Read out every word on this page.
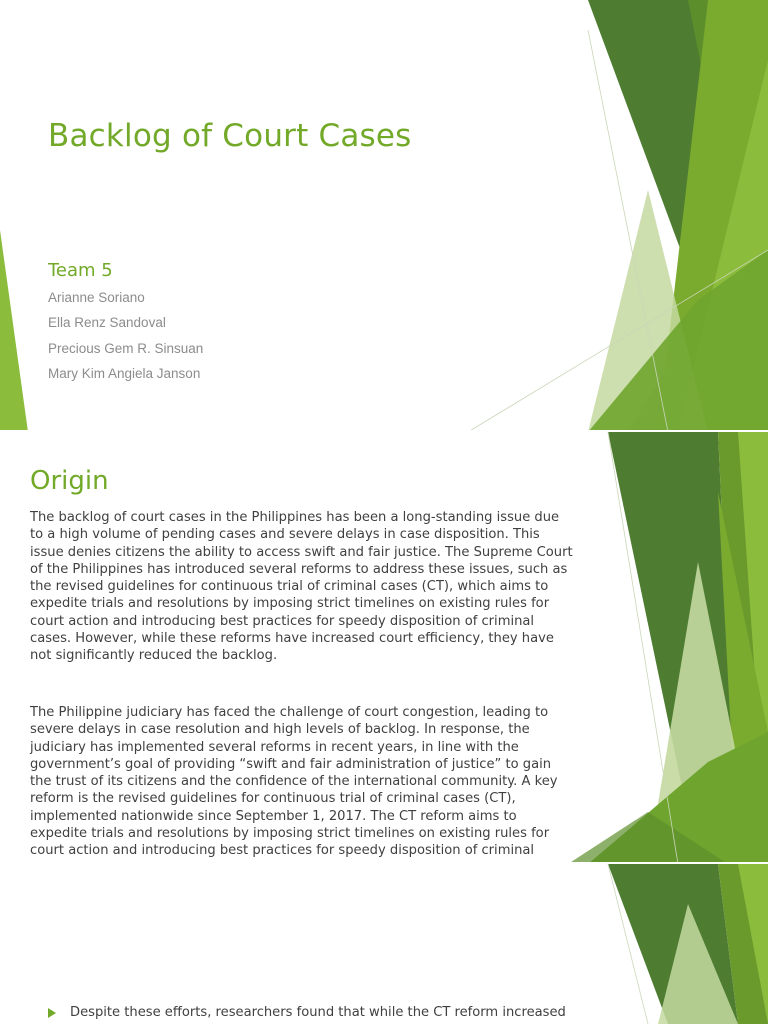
Backlog of Court Cases
Team 5
Arianne Soriano
Ella Renz Sandoval
Precious Gem R. Sinsuan
Mary Kim Angiela Janson
Origin

The backlog of court cases in the Philippines has been a long-standing issue due to a high volume of pending cases and severe delays in case disposition. This issue denies citizens the ability to access swift and fair justice. The Supreme Court of the Philippines has introduced several reforms to address these issues, such as the revised guidelines for continuous trial of criminal cases (CT), which aims to expedite trials and resolutions by imposing strict timelines on existing rules for court action and introducing best practices for speedy disposition of criminal cases. However, while these reforms have increased court efficiency, they have not significantly reduced the backlog.

The Philippine judiciary has faced the challenge of court congestion, leading to severe delays in case resolution and high levels of backlog. In response, the judiciary has implemented several reforms in recent years, in line with the government’s goal of providing “swift and fair administration of justice” to gain the trust of its citizens and the confidence of the international community. A key reform is the revised guidelines for continuous trial of criminal cases (CT), implemented nationwide since September 1, 2017. The CT reform aims to expedite trials and resolutions by imposing strict timelines on existing rules for court action and introducing best practices for speedy disposition of criminal

Despite these efforts, researchers found that while the CT reform increased
